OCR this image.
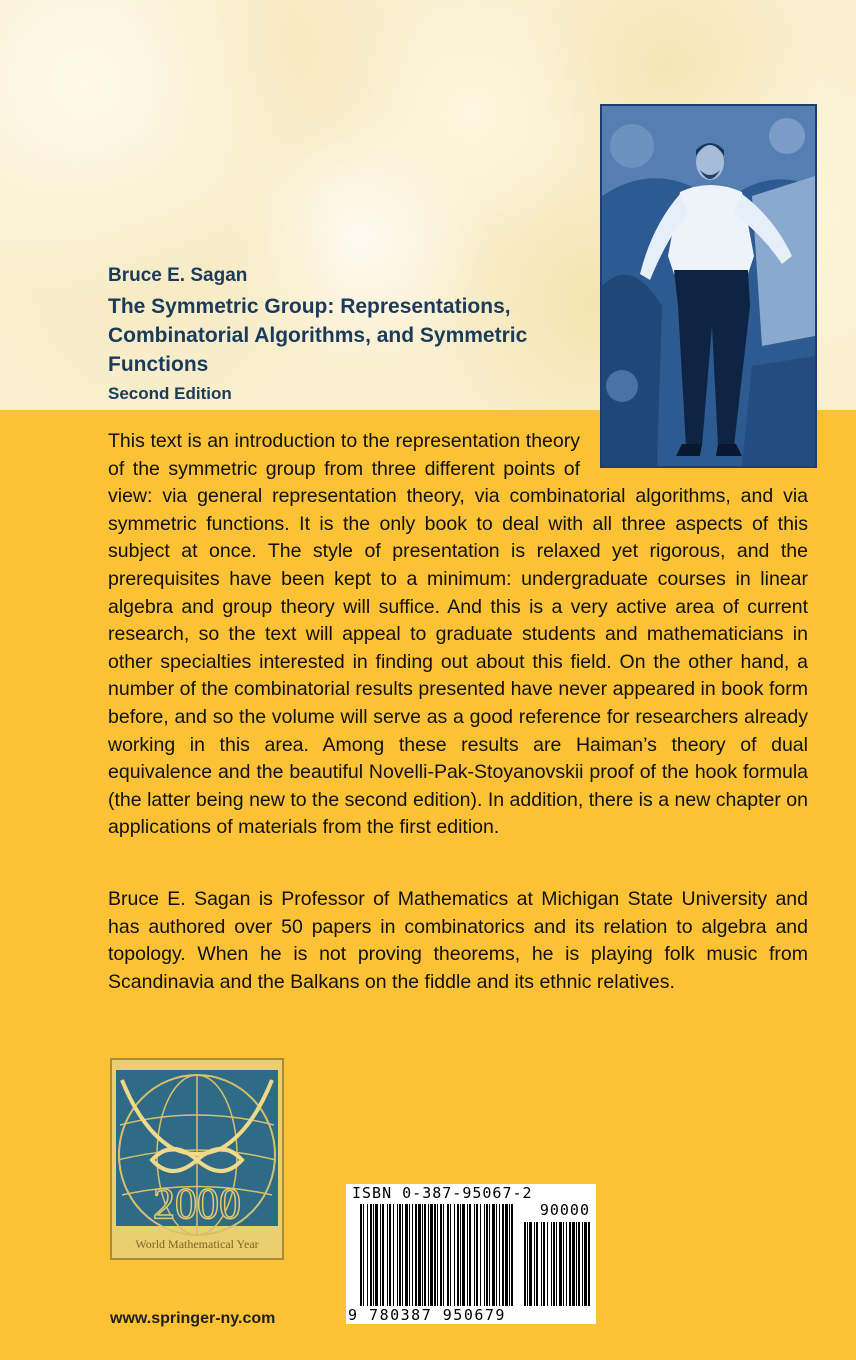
Bruce E. Sagan
The Symmetric Group: Representations, Combinatorial Algorithms, and Symmetric Functions
Second Edition

This text is an introduction to the representation theory of the symmetric group from three different points of view: via general representation theory, via combinatorial algorithms, and via symmetric functions. It is the only book to deal with all three aspects of this subject at once. The style of presentation is relaxed yet rigorous, and the prerequisites have been kept to a minimum: undergraduate courses in linear algebra and group theory will suffice. And this is a very active area of current research, so the text will appeal to graduate students and mathematicians in other specialties interested in finding out about this field. On the other hand, a number of the combinatorial results presented have never appeared in book form before, and so the volume will serve as a good reference for researchers already working in this area. Among these results are Haiman’s theory of dual equivalence and the beautiful Novelli-Pak-Stoyanovskii proof of the hook formula (the latter being new to the second edition). In addition, there is a new chapter on applications of materials from the first edition.

Bruce E. Sagan is Professor of Mathematics at Michigan State University and has authored over 50 papers in combinatorics and its relation to algebra and topology. When he is not proving theorems, he is playing folk music from Scandinavia and the Balkans on the fiddle and its ethnic relatives.

2000
World Mathematical Year
www.springer-ny.com
ISBN 0-387-95067-2
90000
9 780387 950679
